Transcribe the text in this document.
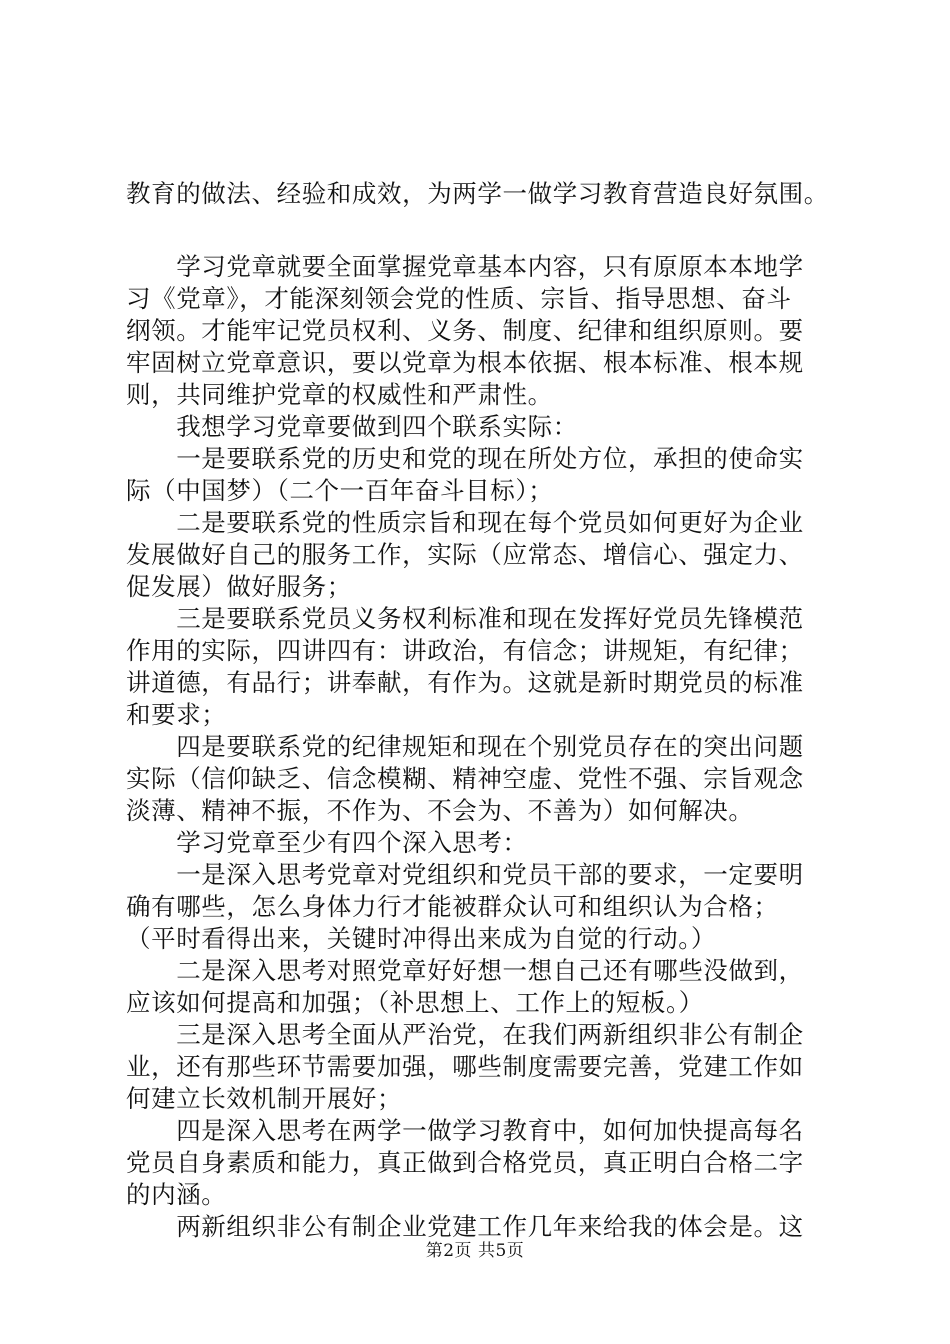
教育的做法、经验和成效，为两学一做学习教育营造良好氛围。
　　学习党章就要全面掌握党章基本内容，只有原原本本地学
习《党章》，才能深刻领会党的性质、宗旨、指导思想、奋斗
纲领。才能牢记党员权利、义务、制度、纪律和组织原则。要
牢固树立党章意识，要以党章为根本依据、根本标准、根本规
则，共同维护党章的权威性和严肃性。
　　我想学习党章要做到四个联系实际：
　　一是要联系党的历史和党的现在所处方位，承担的使命实
际（中国梦）（二个一百年奋斗目标）；
　　二是要联系党的性质宗旨和现在每个党员如何更好为企业
发展做好自己的服务工作，实际（应常态、增信心、强定力、
促发展）做好服务；
　　三是要联系党员义务权利标准和现在发挥好党员先锋模范
作用的实际，四讲四有：讲政治，有信念；讲规矩，有纪律；
讲道德，有品行；讲奉献，有作为。这就是新时期党员的标准
和要求；
　　四是要联系党的纪律规矩和现在个别党员存在的突出问题
实际（信仰缺乏、信念模糊、精神空虚、党性不强、宗旨观念
淡薄、精神不振，不作为、不会为、不善为）如何解决。
　　学习党章至少有四个深入思考：
　　一是深入思考党章对党组织和党员干部的要求，一定要明
确有哪些，怎么身体力行才能被群众认可和组织认为合格；
（平时看得出来，关键时冲得出来成为自觉的行动。）
　　二是深入思考对照党章好好想一想自己还有哪些没做到，
应该如何提高和加强；（补思想上、工作上的短板。）
　　三是深入思考全面从严治党，在我们两新组织非公有制企
业，还有那些环节需要加强，哪些制度需要完善，党建工作如
何建立长效机制开展好；
　　四是深入思考在两学一做学习教育中，如何加快提高每名
党员自身素质和能力，真正做到合格党员，真正明白合格二字
的内涵。
　　两新组织非公有制企业党建工作几年来给我的体会是。这
第2页 共5页
